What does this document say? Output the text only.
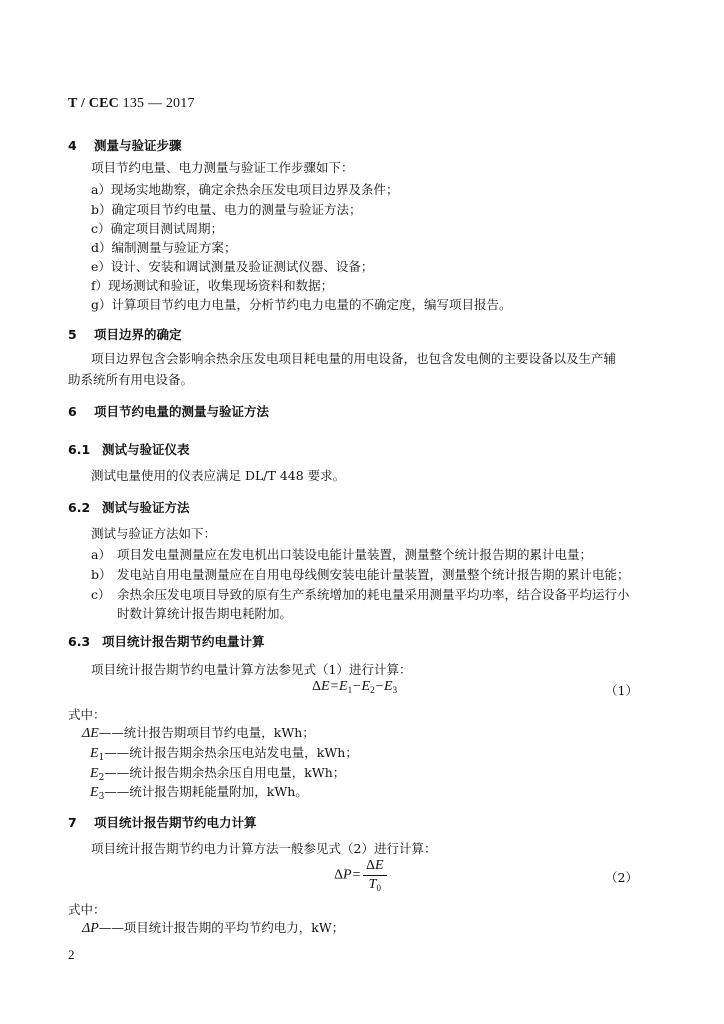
T / CEC 135 — 2017
4 测量与验证步骤
项目节约电量、电力测量与验证工作步骤如下：
a）现场实地勘察，确定余热余压发电项目边界及条件；
b）确定项目节约电量、电力的测量与验证方法；
c）确定项目测试周期；
d）编制测量与验证方案；
e）设计、安装和调试测量及验证测试仪器、设备；
f）现场测试和验证，收集现场资料和数据；
g）计算项目节约电力电量，分析节约电力电量的不确定度，编写项目报告。
5 项目边界的确定
项目边界包含会影响余热余压发电项目耗电量的用电设备，也包含发电侧的主要设备以及生产辅
助系统所有用电设备。
6 项目节约电量的测量与验证方法
6.1 测试与验证仪表
测试电量使用的仪表应满足 DL/T 448 要求。
6.2 测试与验证方法
测试与验证方法如下：
a） 项目发电量测量应在发电机出口装设电能计量装置，测量整个统计报告期的累计电量；
b） 发电站自用电量测量应在自用电母线侧安装电能计量装置，测量整个统计报告期的累计电能；
c） 余热余压发电项目导致的原有生产系统增加的耗电量采用测量平均功率，结合设备平均运行小
时数计算统计报告期电耗附加。
6.3 项目统计报告期节约电量计算
项目统计报告期节约电量计算方法参见式（1）进行计算：
$\Delta E=E_1-E_2-E_3$	（1）
式中：
ΔE——统计报告期项目节约电量，kWh；
$E_1——$统计报告期余热余压电站发电量，kWh；
$E_2——$统计报告期余热余压自用电量，kWh；
$E_3——$统计报告期耗能量附加，kWh。
7 项目统计报告期节约电力计算
项目统计报告期节约电力计算方法一般参见式（2）进行计算：
$\Delta P= \frac{\Delta E}{T_0}$	（2）
式中：
ΔP——项目统计报告期的平均节约电力，kW；
2
